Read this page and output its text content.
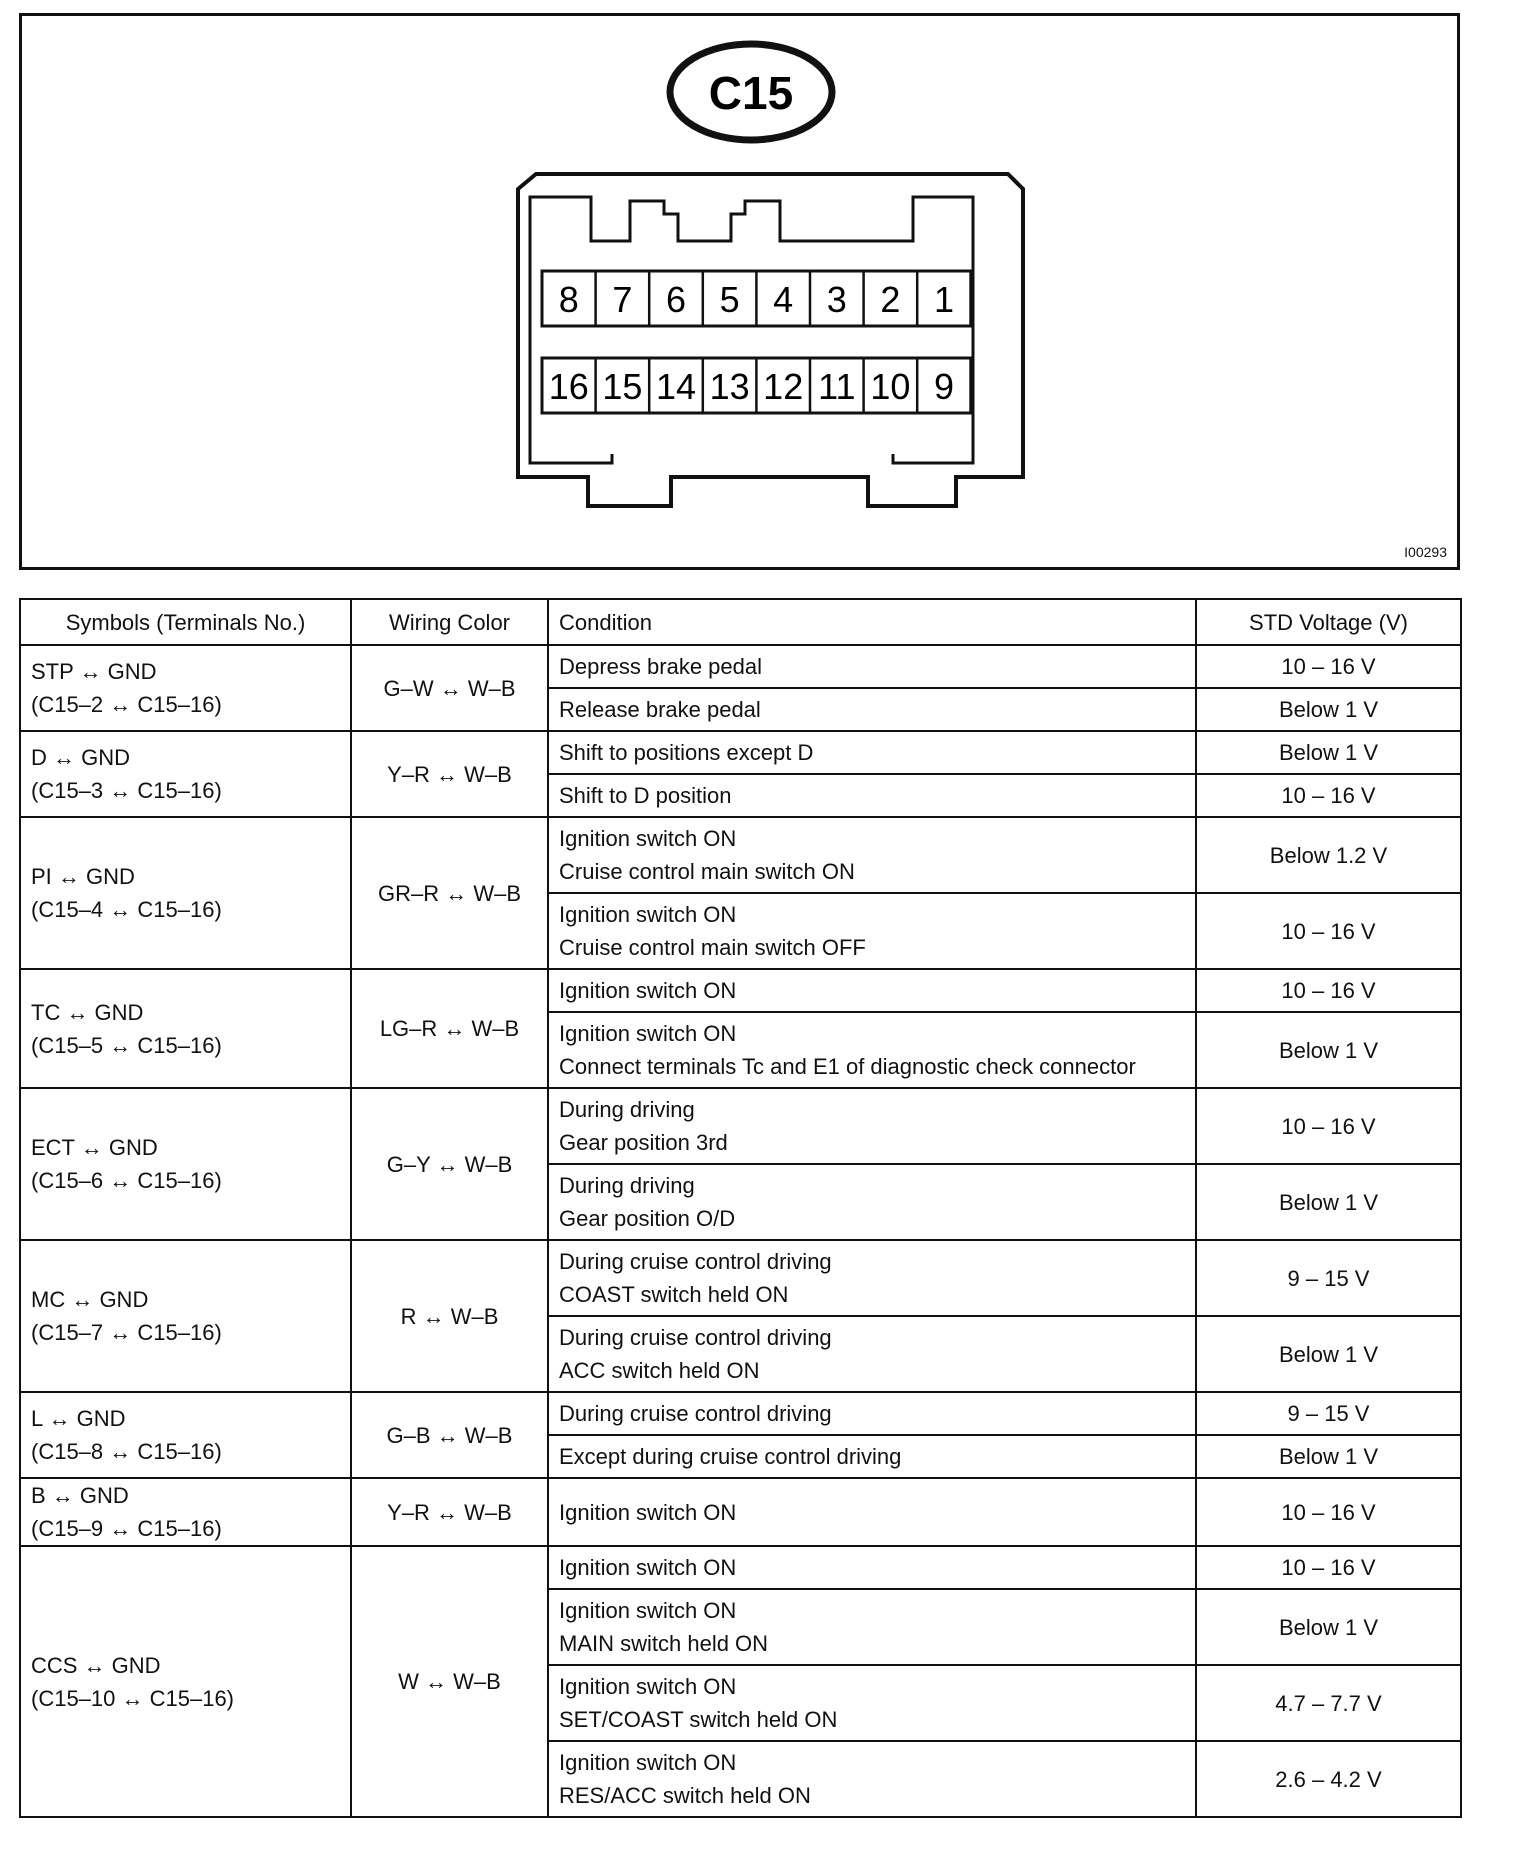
C15
8 7 6 5 4 3 2 1
16 15 14 13 12 11 10 9
I00293
Symbols (Terminals No.)	Wiring Color	Condition	STD Voltage (V)

STP ↔ GND
(C15–2 ↔ C15–16)	G–W ↔ W–B	Depress brake pedal	10 – 16 V

		Release brake pedal	Below 1 V

D ↔ GND
(C15–3 ↔ C15–16)	Y–R ↔ W–B	Shift to positions except D	Below 1 V

		Shift to D position	10 – 16 V

PI ↔ GND
(C15–4 ↔ C15–16)	GR–R ↔ W–B	Ignition switch ON
Cruise control main switch ON	Below 1.2 V

		Ignition switch ON
Cruise control main switch OFF	10 – 16 V

TC ↔ GND
(C15–5 ↔ C15–16)	LG–R ↔ W–B	Ignition switch ON	10 – 16 V

		Ignition switch ON
Connect terminals Tc and E1 of diagnostic check connector	Below 1 V

ECT ↔ GND
(C15–6 ↔ C15–16)	G–Y ↔ W–B	During driving
Gear position 3rd	10 – 16 V

		During driving
Gear position O/D	Below 1 V

MC ↔ GND
(C15–7 ↔ C15–16)	R ↔ W–B	During cruise control driving
COAST switch held ON	9 – 15 V

		During cruise control driving
ACC switch held ON	Below 1 V

L ↔ GND
(C15–8 ↔ C15–16)	G–B ↔ W–B	During cruise control driving	9 – 15 V

		Except during cruise control driving	Below 1 V

B ↔ GND
(C15–9 ↔ C15–16)	Y–R ↔ W–B	Ignition switch ON	10 – 16 V

CCS ↔ GND
(C15–10 ↔ C15–16)	W ↔ W–B	Ignition switch ON	10 – 16 V

		Ignition switch ON
MAIN switch held ON	Below 1 V

		Ignition switch ON
SET/COAST switch held ON	4.7 – 7.7 V

		Ignition switch ON
RES/ACC switch held ON	2.6 – 4.2 V
